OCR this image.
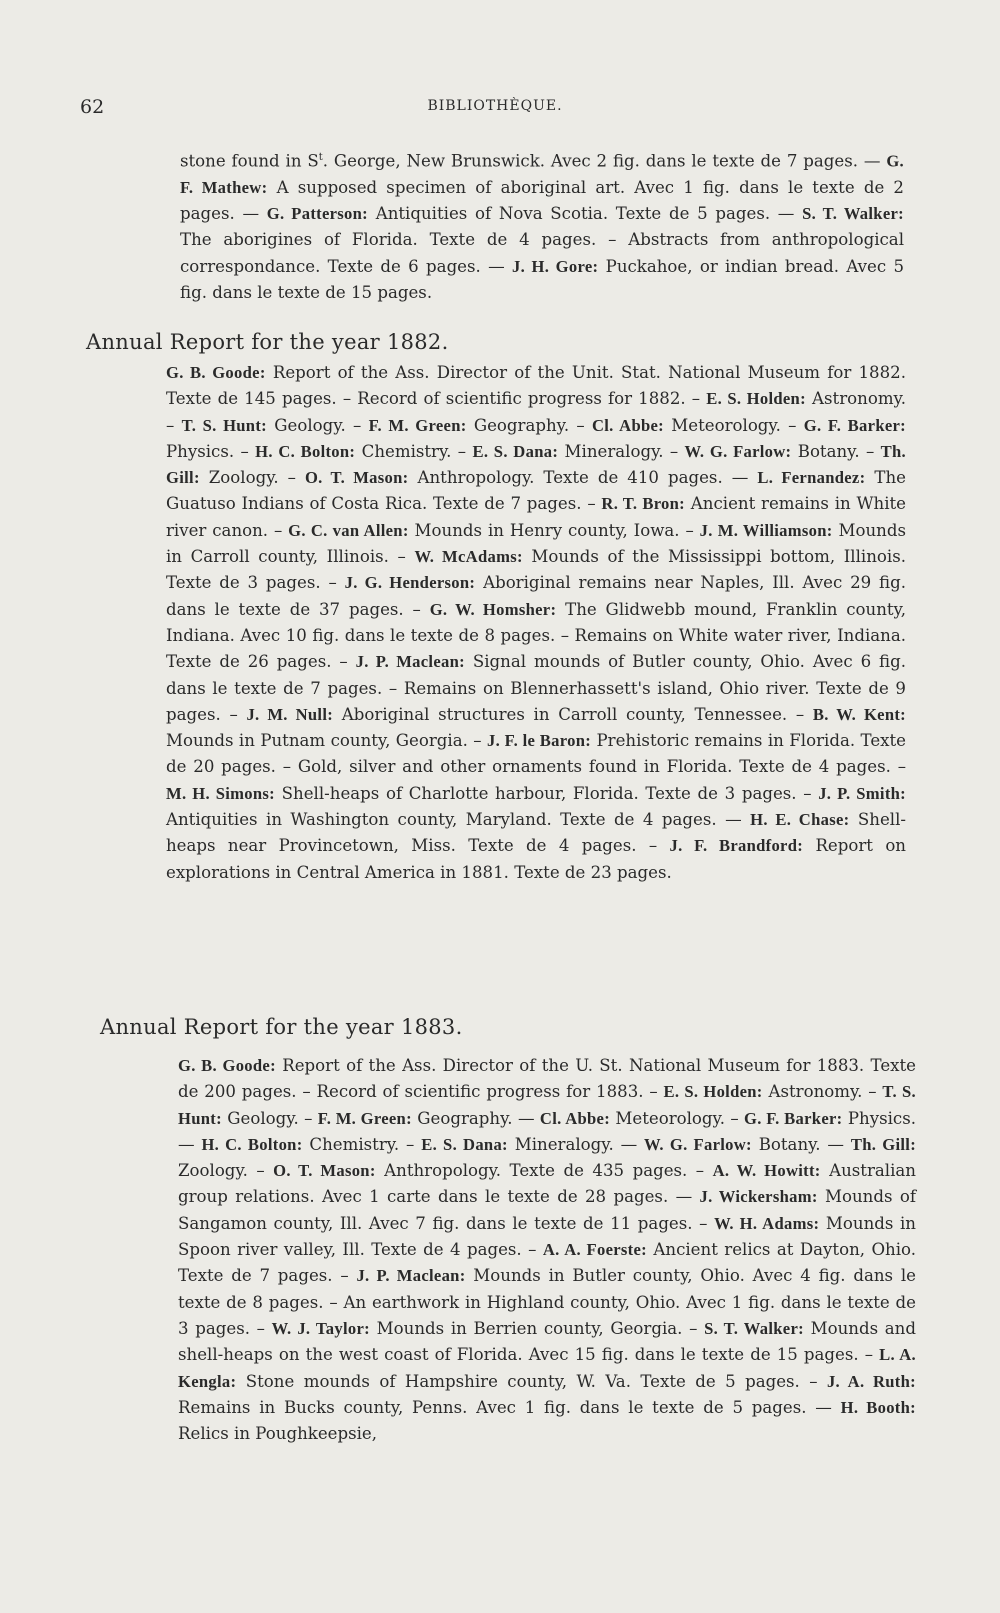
62	BIBLIOTHÈQUE.

stone found in $S^t$. George, New Brunswick. Avec 2 fig. dans le texte de 7 pages. — G. F. Mathew: A supposed specimen of aboriginal art. Avec 1 fig. dans le texte de 2 pages. — G. Patterson: Antiquities of Nova Scotia. Texte de 5 pages. — S. T. Walker: The aborigines of Florida. Texte de 4 pages. – Abstracts from anthropological correspondance. Texte de 6 pages. — J. H. Gore: Puckahoe, or indian bread. Avec 5 fig. dans le texte de 15 pages.

Annual Report for the year 1882.

G. B. Goode: Report of the Ass. Director of the Unit. Stat. National Museum for 1882. Texte de 145 pages. – Record of scientific progress for 1882. – E. S. Holden: Astronomy. – T. S. Hunt: Geology. – F. M. Green: Geography. – Cl. Abbe: Meteorology. – G. F. Barker: Physics. – H. C. Bolton: Chemistry. – E. S. Dana: Mineralogy. – W. G. Farlow: Botany. – Th. Gill: Zoology. – O. T. Mason: Anthropology. Texte de 410 pages. — L. Fernandez: The Guatuso Indians of Costa Rica. Texte de 7 pages. – R. T. Bron: Ancient remains in White river canon. – G. C. van Allen: Mounds in Henry county, Iowa. – J. M. Williamson: Mounds in Carroll county, Illinois. – W. McAdams: Mounds of the Mississippi bottom, Illinois. Texte de 3 pages. – J. G. Henderson: Aboriginal remains near Naples, Ill. Avec 29 fig. dans le texte de 37 pages. – G. W. Homsher: The Glidwebb mound, Franklin county, Indiana. Avec 10 fig. dans le texte de 8 pages. – Remains on White water river, Indiana. Texte de 26 pages. – J. P. Maclean: Signal mounds of Butler county, Ohio. Avec 6 fig. dans le texte de 7 pages. – Remains on Blennerhassett's island, Ohio river. Texte de 9 pages. – J. M. Null: Aboriginal structures in Carroll county, Tennessee. – B. W. Kent: Mounds in Putnam county, Georgia. – J. F. le Baron: Prehistoric remains in Florida. Texte de 20 pages. – Gold, silver and other ornaments found in Florida. Texte de 4 pages. – M. H. Simons: Shell-heaps of Charlotte harbour, Florida. Texte de 3 pages. – J. P. Smith: Antiquities in Washington county, Maryland. Texte de 4 pages. — H. E. Chase: Shell-heaps near Provincetown, Miss. Texte de 4 pages. – J. F. Brandford: Report on explorations in Central America in 1881. Texte de 23 pages.

Annual Report for the year 1883.

G. B. Goode: Report of the Ass. Director of the U. St. National Museum for 1883. Texte de 200 pages. – Record of scientific progress for 1883. – E. S. Holden: Astronomy. – T. S. Hunt: Geology. – F. M. Green: Geography. — Cl. Abbe: Meteorology. – G. F. Barker: Physics. — H. C. Bolton: Chemistry. – E. S. Dana: Mineralogy. — W. G. Farlow: Botany. — Th. Gill: Zoology. – O. T. Mason: Anthropology. Texte de 435 pages. – A. W. Howitt: Australian group relations. Avec 1 carte dans le texte de 28 pages. — J. Wickersham: Mounds of Sangamon county, Ill. Avec 7 fig. dans le texte de 11 pages. – W. H. Adams: Mounds in Spoon river valley, Ill. Texte de 4 pages. – A. A. Foerste: Ancient relics at Dayton, Ohio. Texte de 7 pages. – J. P. Maclean: Mounds in Butler county, Ohio. Avec 4 fig. dans le texte de 8 pages. – An earthwork in Highland county, Ohio. Avec 1 fig. dans le texte de 3 pages. – W. J. Taylor: Mounds in Berrien county, Georgia. – S. T. Walker: Mounds and shell-heaps on the west coast of Florida. Avec 15 fig. dans le texte de 15 pages. – L. A. Kengla: Stone mounds of Hampshire county, W. Va. Texte de 5 pages. – J. A. Ruth: Remains in Bucks county, Penns. Avec 1 fig. dans le texte de 5 pages. — H. Booth: Relics in Poughkeepsie,
